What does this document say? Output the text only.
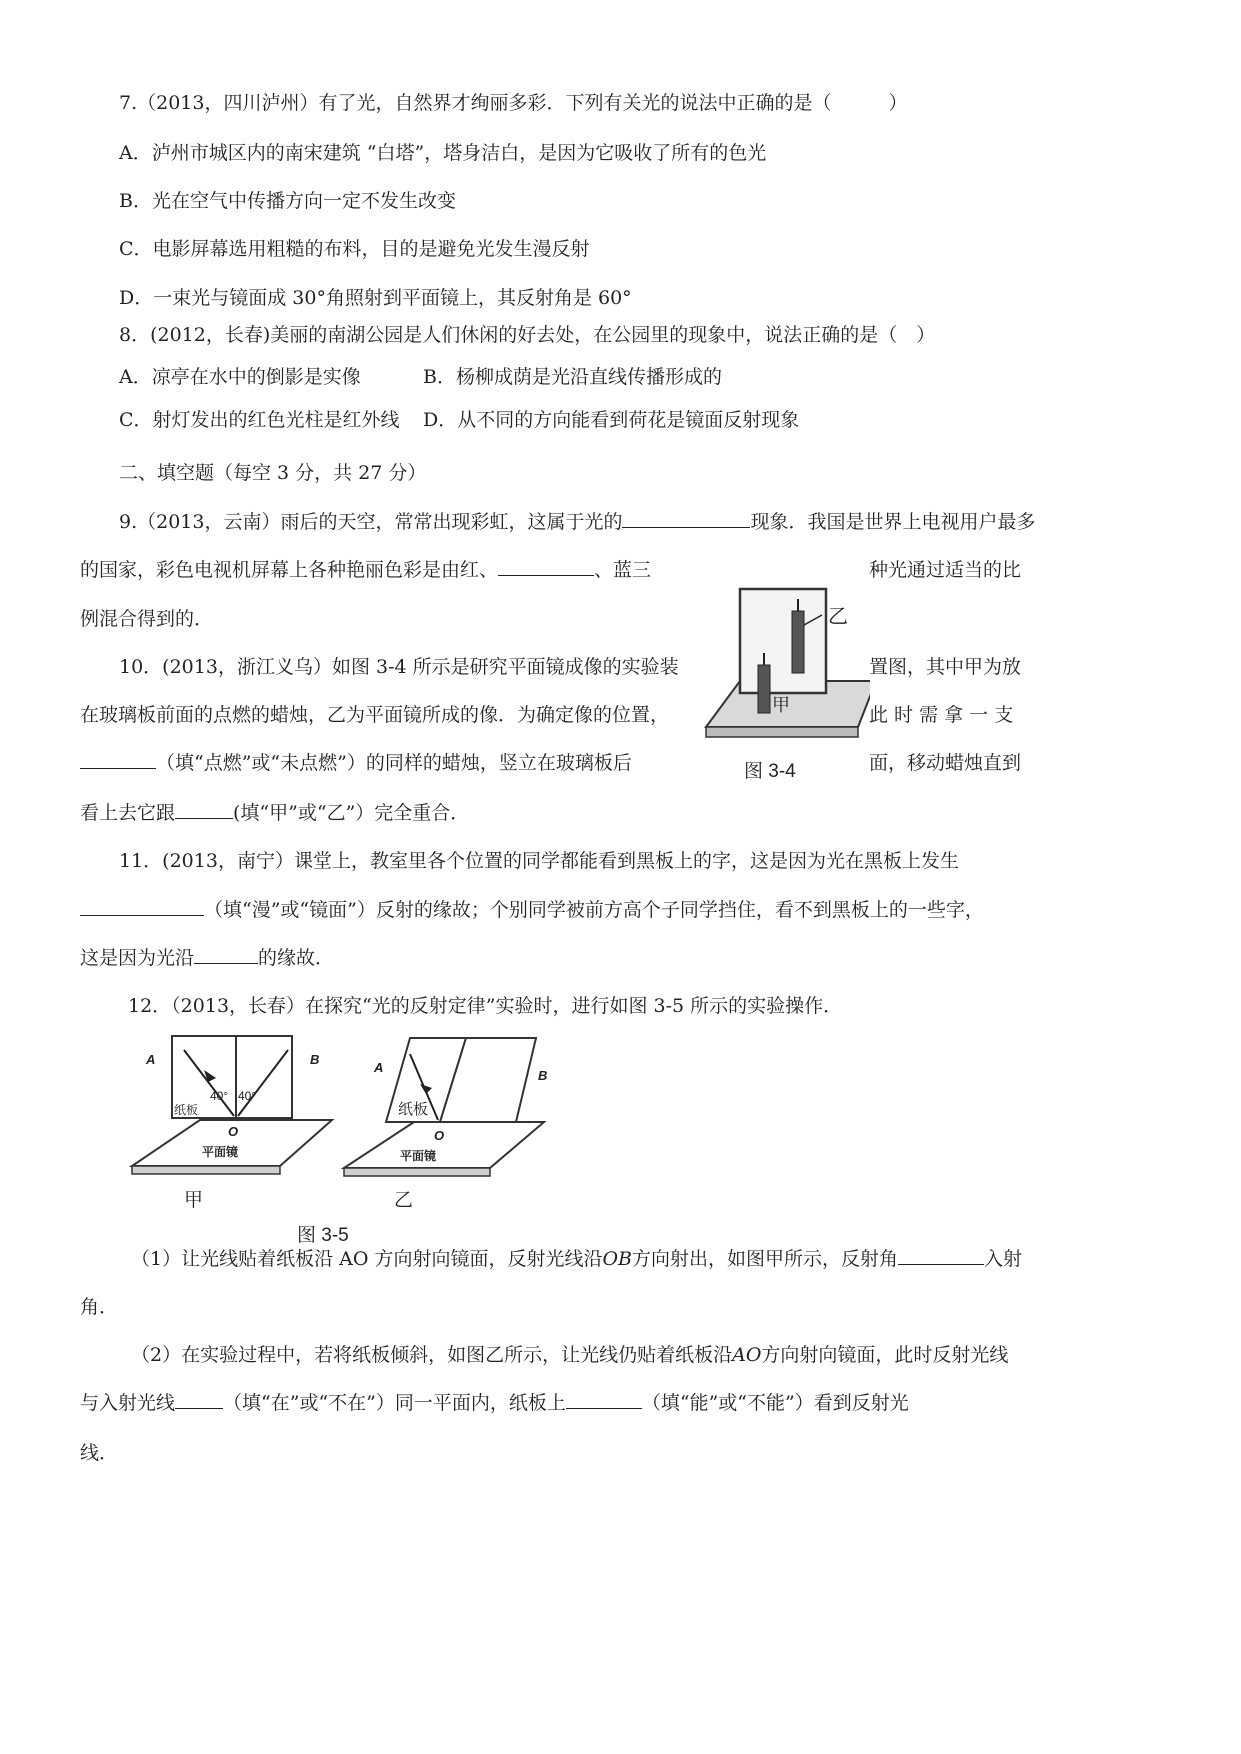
7.（2013，四川泸州）有了光，自然界才绚丽多彩．下列有关光的说法中正确的是（　　　）
A．泸州市城区内的南宋建筑 “白塔”，塔身洁白，是因为它吸收了所有的色光
B．光在空气中传播方向一定不发生改变
C．电影屏幕选用粗糙的布料，目的是避免光发生漫反射
D．一束光与镜面成 30°角照射到平面镜上，其反射角是 60°
8．(2012，长春)美丽的南湖公园是人们休闲的好去处，在公园里的现象中，说法正确的是（　）
A．凉亭在水中的倒影是实像	B．杨柳成荫是光沿直线传播形成的
C．射灯发出的红色光柱是红外线 D．从不同的方向能看到荷花是镜面反射现象
二、填空题（每空 3 分，共 27 分）
9.（2013，云南）雨后的天空，常常出现彩虹，这属于光的	现象．我国是世界上电视用户最多
的国家，彩色电视机屏幕上各种艳丽色彩是由红、	、蓝三	种光通过适当的比
例混合得到的．
10．(2013，浙江义乌）如图 3-4 所示是研究平面镜成像的实验装	置图，其中甲为放
在玻璃板前面的点燃的蜡烛，乙为平面镜所成的像．为确定像的位置，	此 时 需 拿 一 支
（填“点燃”或“未点燃”）的同样的蜡烛，竖立在玻璃板后	面，移动蜡烛直到
看上去它跟	(填“甲”或“乙”）完全重合．
乙
甲
图 3-4
11．(2013，南宁）课堂上，教室里各个位置的同学都能看到黑板上的字，这是因为光在黑板上发生
（填“漫”或“镜面”）反射的缘故；个别同学被前方高个子同学挡住，看不到黑板上的一些字，
这是因为光沿	的缘故．
12．（2013，长春）在探究“光的反射定律”实验时，进行如图 3-5 所示的实验操作．
40° 40°
A	B
纸板
O
平面镜
甲
A
B
纸板
O
平面镜
乙
图 3-5
（1）让光线贴着纸板沿 AO 方向射向镜面，反射光线沿OB方向射出，如图甲所示，反射角	入射
角．
（2）在实验过程中，若将纸板倾斜，如图乙所示，让光线仍贴着纸板沿AO方向射向镜面，此时反射光线
与入射光线	（填“在”或“不在”）同一平面内，纸板上	（填“能”或“不能”）看到反射光
线．
